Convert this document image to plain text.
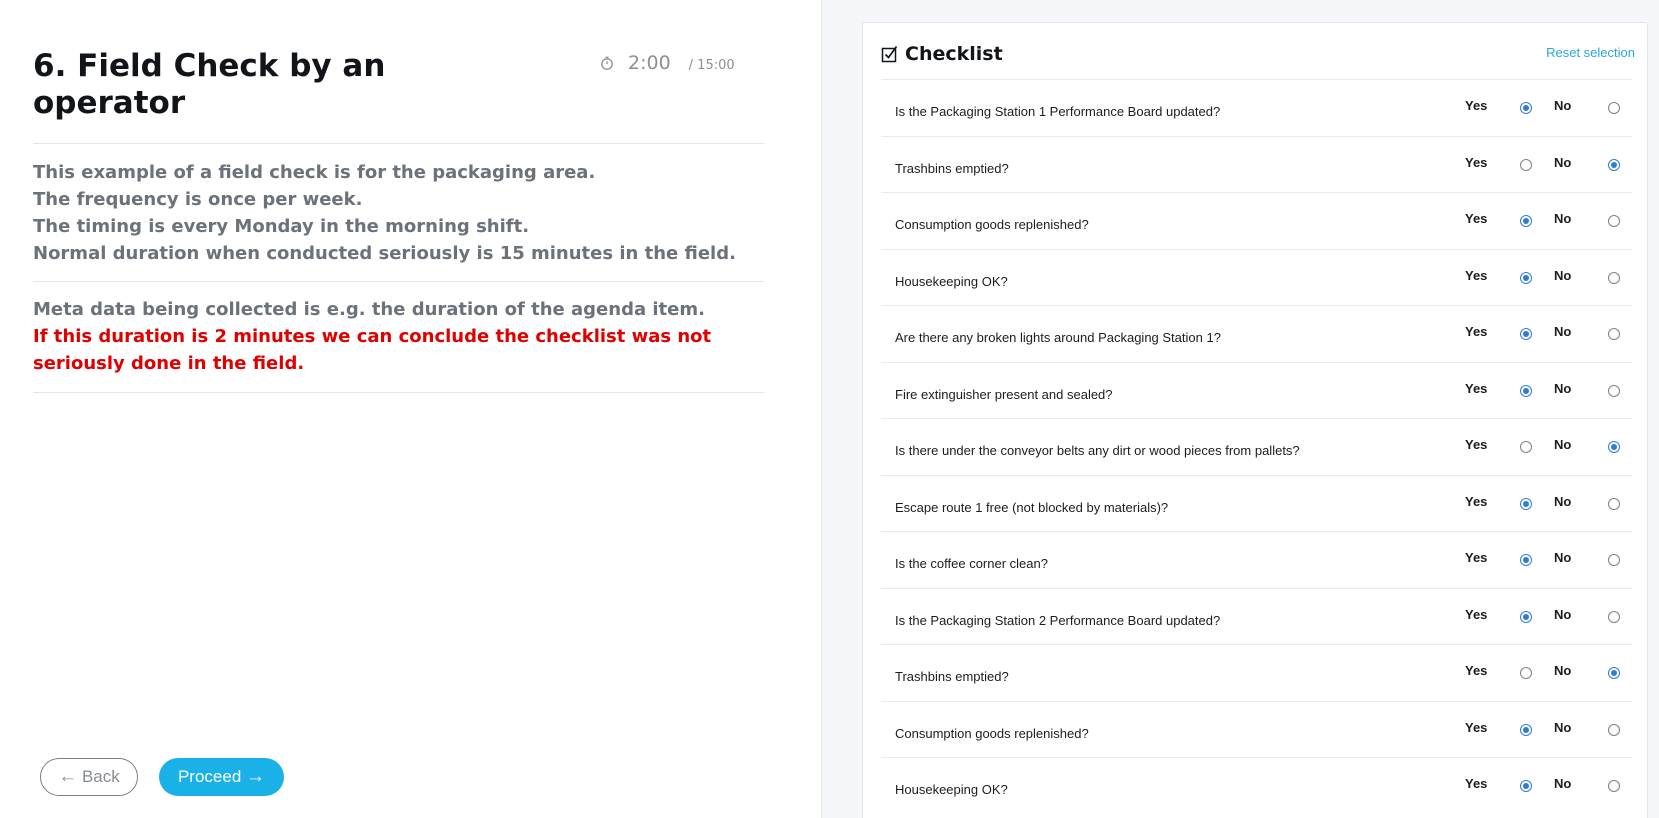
6. Field Check by an operator
2:00 / 15:00
This example of a field check is for the packaging area.
The frequency is once per week.
The timing is every Monday in the morning shift.
Normal duration when conducted seriously is 15 minutes in the field.
Meta data being collected is e.g. the duration of the agenda item.
If this duration is 2 minutes we can conclude the checklist was not seriously done in the field.
←
Back	Proceed
→
Checklist	Reset selection
Is the Packaging Station 1 Performance Board updated?	Yes	No
Trashbins emptied?	Yes	No
Consumption goods replenished?	Yes	No
Housekeeping OK?	Yes	No
Are there any broken lights around Packaging Station 1?	Yes	No
Fire extinguisher present and sealed?	Yes	No
Is there under the conveyor belts any dirt or wood pieces from pallets?	Yes	No
Escape route 1 free (not blocked by materials)?	Yes	No
Is the coffee corner clean?	Yes	No
Is the Packaging Station 2 Performance Board updated?	Yes	No
Trashbins emptied?	Yes	No
Consumption goods replenished?	Yes	No
Housekeeping OK?	Yes	No
